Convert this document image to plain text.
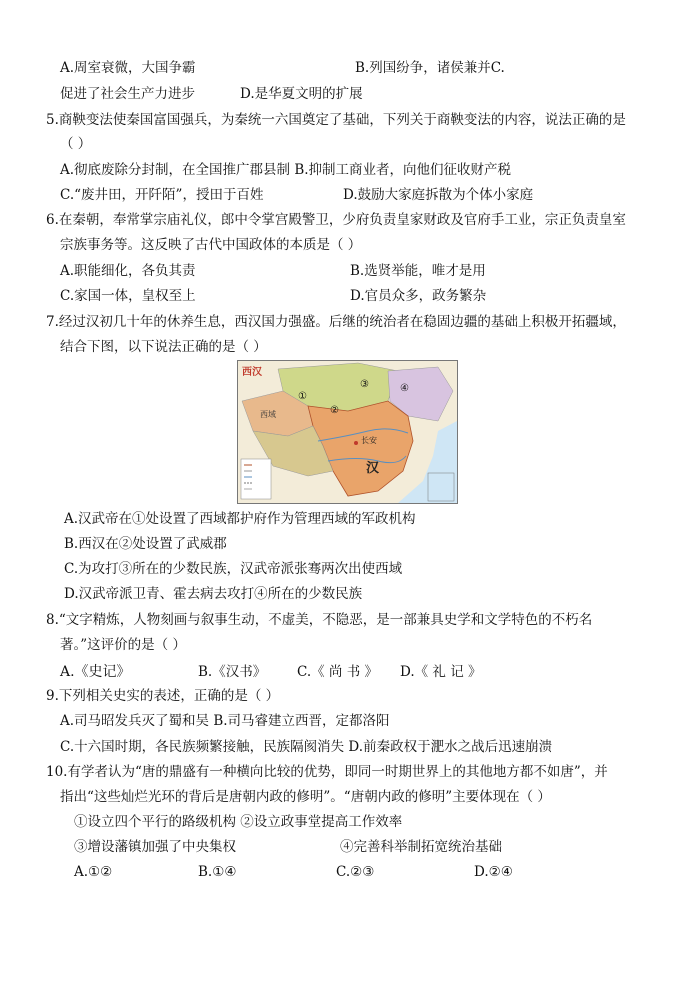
A.周室衰微，大国争霸	B.列国纷争，诸侯兼并C.
促进了社会生产力进步	D.是华夏文明的扩展
5.商鞅变法使秦国富国强兵，为秦统一六国奠定了基础，下列关于商鞅变法的内容，说法正确的是
（ ）
A.彻底废除分封制，在全国推广郡县制 B.抑制工商业者，向他们征收财产税
C.“废井田，开阡陌”，授田于百姓	D.鼓励大家庭拆散为个体小家庭
6.在秦朝，奉常掌宗庙礼仪，郎中令掌宫殿警卫，少府负责皇家财政及官府手工业，宗正负责皇室
宗族事务等。这反映了古代中国政体的本质是（ ）
A.职能细化，各负其责	B.选贤举能，唯才是用
C.家国一体，皇权至上	D.官员众多，政务繁杂
7.经过汉初几十年的休养生息，西汉国力强盛。后继的统治者在稳固边疆的基础上积极开拓疆域，
结合下图，以下说法正确的是（ ）
西汉
西域
长安
汉
①
②
③	④
A.汉武帝在①处设置了西域都护府作为管理西域的军政机构
B.西汉在②处设置了武威郡
C.为攻打③所在的少数民族，汉武帝派张骞两次出使西域
D.汉武帝派卫青、霍去病去攻打④所在的少数民族
8.“文字精炼，人物刻画与叙事生动，不虚美，不隐恶，是一部兼具史学和文学特色的不朽名
著。”这评价的是（ ）
A.《史记》	B.《汉书》 C.《 尚 书 》 D.《 礼 记 》
9.下列相关史实的表述，正确的是（ ）
A.司马昭发兵灭了蜀和吴 B.司马睿建立西晋，定都洛阳
C.十六国时期，各民族频繁接触，民族隔阂消失 D.前秦政权于淝水之战后迅速崩溃
10.有学者认为“唐的鼎盛有一种横向比较的优势，即同一时期世界上的其他地方都不如唐”，并
指出“这些灿烂光环的背后是唐朝内政的修明”。“唐朝内政的修明”主要体现在（ ）
①设立四个平行的路级机构 ②设立政事堂提高工作效率
③增设藩镇加强了中央集权	④完善科举制拓宽统治基础
A.①②	B.①④	C.②③	D.②④
